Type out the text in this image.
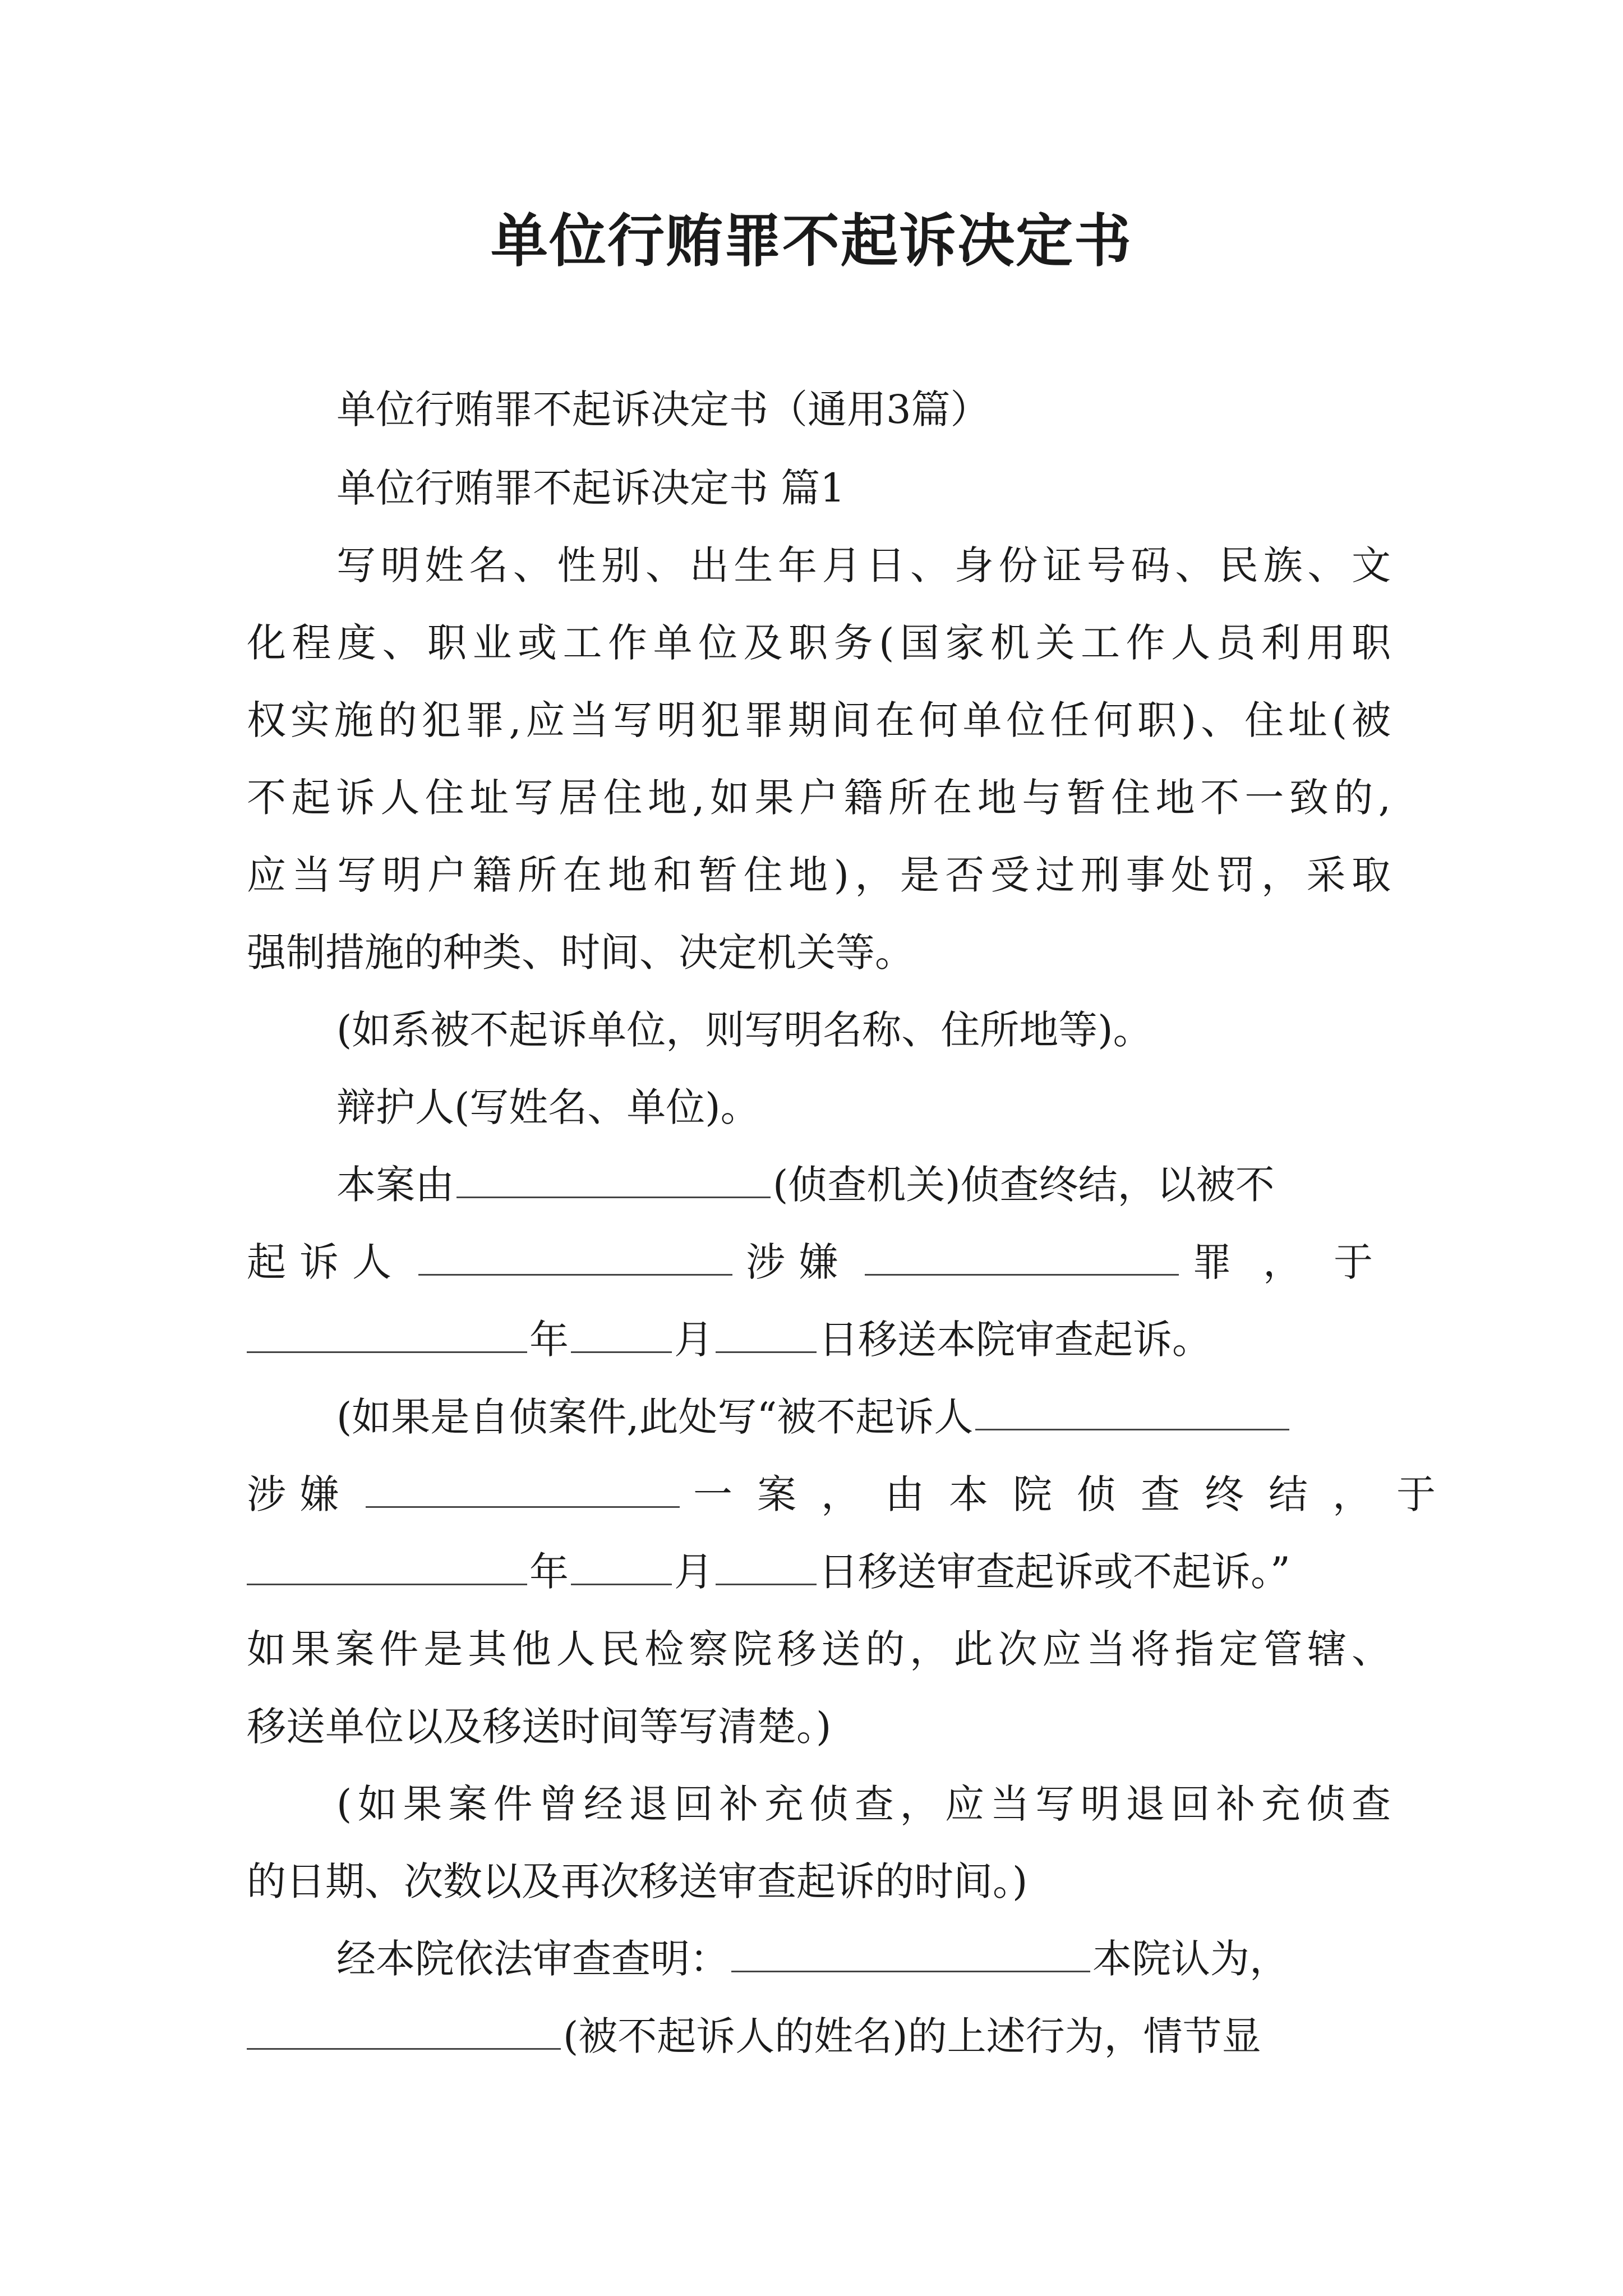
单位行贿罪不起诉决定书

单位行贿罪不起诉决定书（通用3篇）

单位行贿罪不起诉决定书 篇1

写明姓名、性别、出生年月日、身份证号码、民族、文

化程度、职业或工作单位及职务(国家机关工作人员利用职

权实施的犯罪,应当写明犯罪期间在何单位任何职)、住址(被

不起诉人住址写居住地,如果户籍所在地与暂住地不一致的,

应当写明户籍所在地和暂住地)，是否受过刑事处罚，采取

强制措施的种类、时间、决定机关等。

(如系被不起诉单位，则写明名称、住所地等)。

辩护人(写姓名、单位)。

本案由	(侦查机关)侦查终结，以被不

起诉人	涉嫌	罪，于

年	月	日移送本院审查起诉。

(如果是自侦案件,此处写“被不起诉人

涉嫌	一案，由本院侦查终结，于

年	月	日移送审查起诉或不起诉。”

如果案件是其他人民检察院移送的，此次应当将指定管辖、

移送单位以及移送时间等写清楚。)

(如果案件曾经退回补充侦查，应当写明退回补充侦查

的日期、次数以及再次移送审查起诉的时间。)

经本院依法审查查明：	本院认为，

(被不起诉人的姓名)的上述行为，情节显
